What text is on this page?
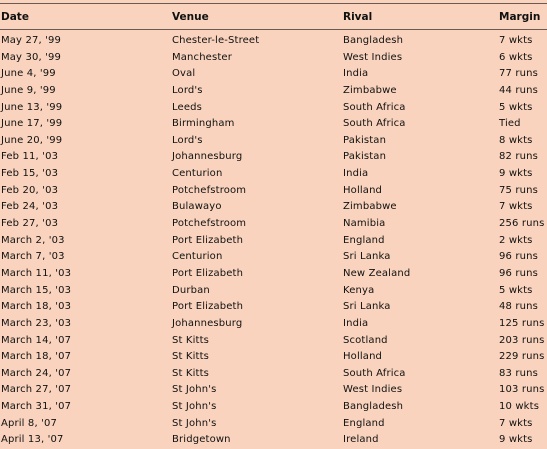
Date	Venue	Rival	Margin
May 27, '99	Chester-le-Street	Bangladesh	7 wkts
May 30, '99	Manchester	West Indies	6 wkts
June 4, '99	Oval	India	77 runs
June 9, '99	Lord's	Zimbabwe	44 runs
June 13, '99	Leeds	South Africa	5 wkts
June 17, '99	Birmingham	South Africa	Tied
June 20, '99	Lord's	Pakistan	8 wkts
Feb 11, '03	Johannesburg	Pakistan	82 runs
Feb 15, '03	Centurion	India	9 wkts
Feb 20, '03	Potchefstroom	Holland	75 runs
Feb 24, '03	Bulawayo	Zimbabwe	7 wkts
Feb 27, '03	Potchefstroom	Namibia	256 runs
March 2, '03	Port Elizabeth	England	2 wkts
March 7, '03	Centurion	Sri Lanka	96 runs
March 11, '03	Port Elizabeth	New Zealand	96 runs
March 15, '03	Durban	Kenya	5 wkts
March 18, '03	Port Elizabeth	Sri Lanka	48 runs
March 23, '03	Johannesburg	India	125 runs
March 14, '07	St Kitts	Scotland	203 runs
March 18, '07	St Kitts	Holland	229 runs
March 24, '07	St Kitts	South Africa	83 runs
March 27, '07	St John's	West Indies	103 runs
March 31, '07	St John's	Bangladesh	10 wkts
April 8, '07	St John's	England	7 wkts
April 13, '07	Bridgetown	Ireland	9 wkts
